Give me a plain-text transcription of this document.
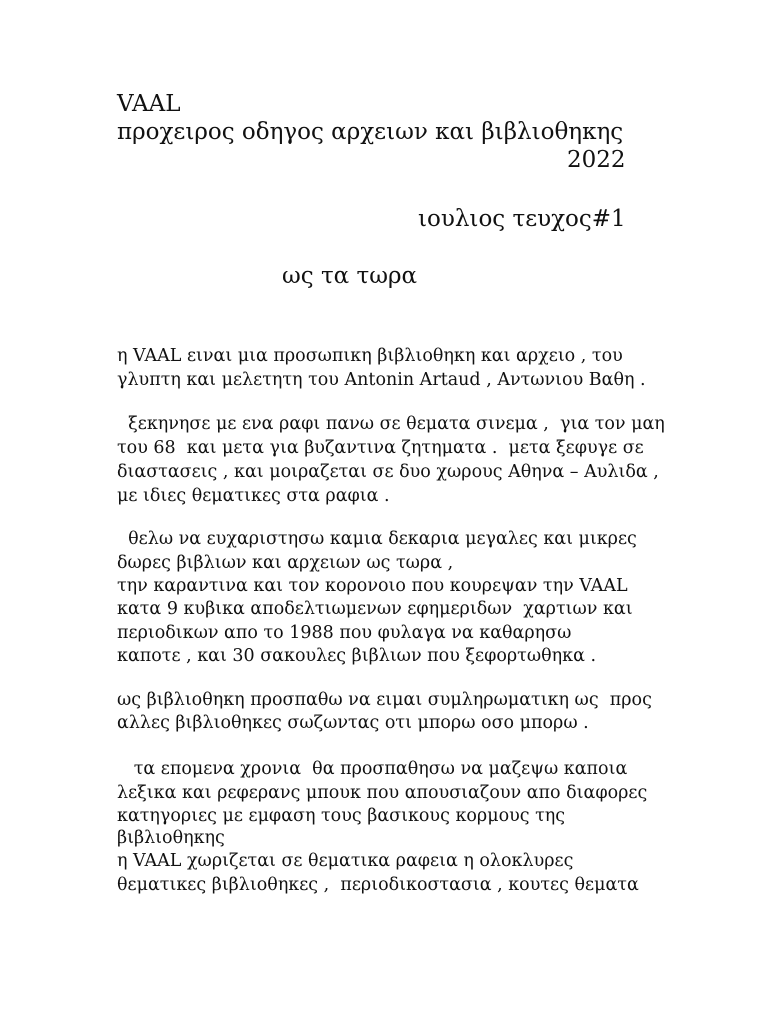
VAAL
προχειρος οδηγος αρχειων και βιβλιοθηκης
2022
ιουλιος τευχος#1
ως τα τωρα
η VAAL ειναι μια προσωπικη βιβλιοθηκη και αρχειο , του
γλυπτη και μελετητη του Antonin Artaud , Αντωνιου Βαθη .
ξεκηνησε με ενα ραφι πανω σε θεματα σινεμα ,  για τον μαη
του 68  και μετα για βυζαντινα ζητηματα .  μετα ξεφυγε σε
διαστασεις , και μοιραζεται σε δυο χωρους Αθηνα – Αυλιδα ,
με ιδιες θεματικες στα ραφια .
θελω να ευχαριστησω καμια δεκαρια μεγαλες και μικρες
δωρες βιβλιων και αρχειων ως τωρα ,
την καραντινα και τον κορονοιο που κουρεψαν την VAAL
κατα 9 κυβικα αποδελτιωμενων εφημεριδων  χαρτιων και
περιοδικων απο το 1988 που φυλαγα να καθαρησω
καποτε , και 30 σακουλες βιβλιων που ξεφορτωθηκα .
ως βιβλιοθηκη προσπαθω να ειμαι συμληρωματικη ως  προς
αλλες βιβλιοθηκες σωζωντας οτι μπορω οσο μπορω .
τα επομενα χρονια  θα προσπαθησω να μαζεψω καποια
λεξικα και ρεφερανς μπουκ που απουσιαζουν απο διαφορες
κατηγοριες με εμφαση τους βασικους κορμους της
βιβλιοθηκης
η VAAL χωριζεται σε θεματικα ραφεια η ολοκλυρες
θεματικες βιβλιοθηκες ,  περιοδικοστασια , κουτες θεματα
